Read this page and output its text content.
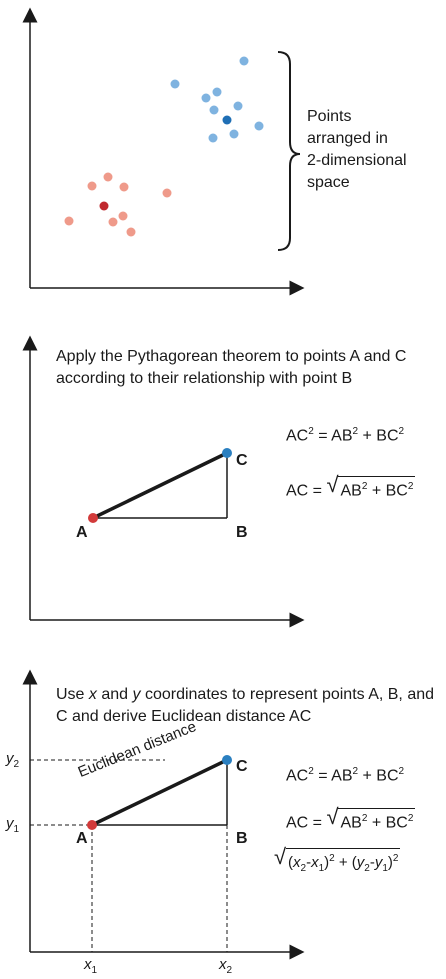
Points
arranged in
2-dimensional
space
Apply the Pythagorean theorem to points A and C according to their relationship with point B
A	B
C
$AC^2 = AB^2 + BC^2$
AC = √ $AB^2 + BC^2$
Use x and y coordinates to represent points A, B, and C and derive Euclidean distance AC
Euclidean distance
A	B
C
$y_2$
$y_1$
$x_1$	$x_2$
$AC^2 = AB^2 + BC^2$
AC = √ $AB^2 + BC^2$
√ $(x_2-x_1)^2 + (y_2-y_1)^2$
